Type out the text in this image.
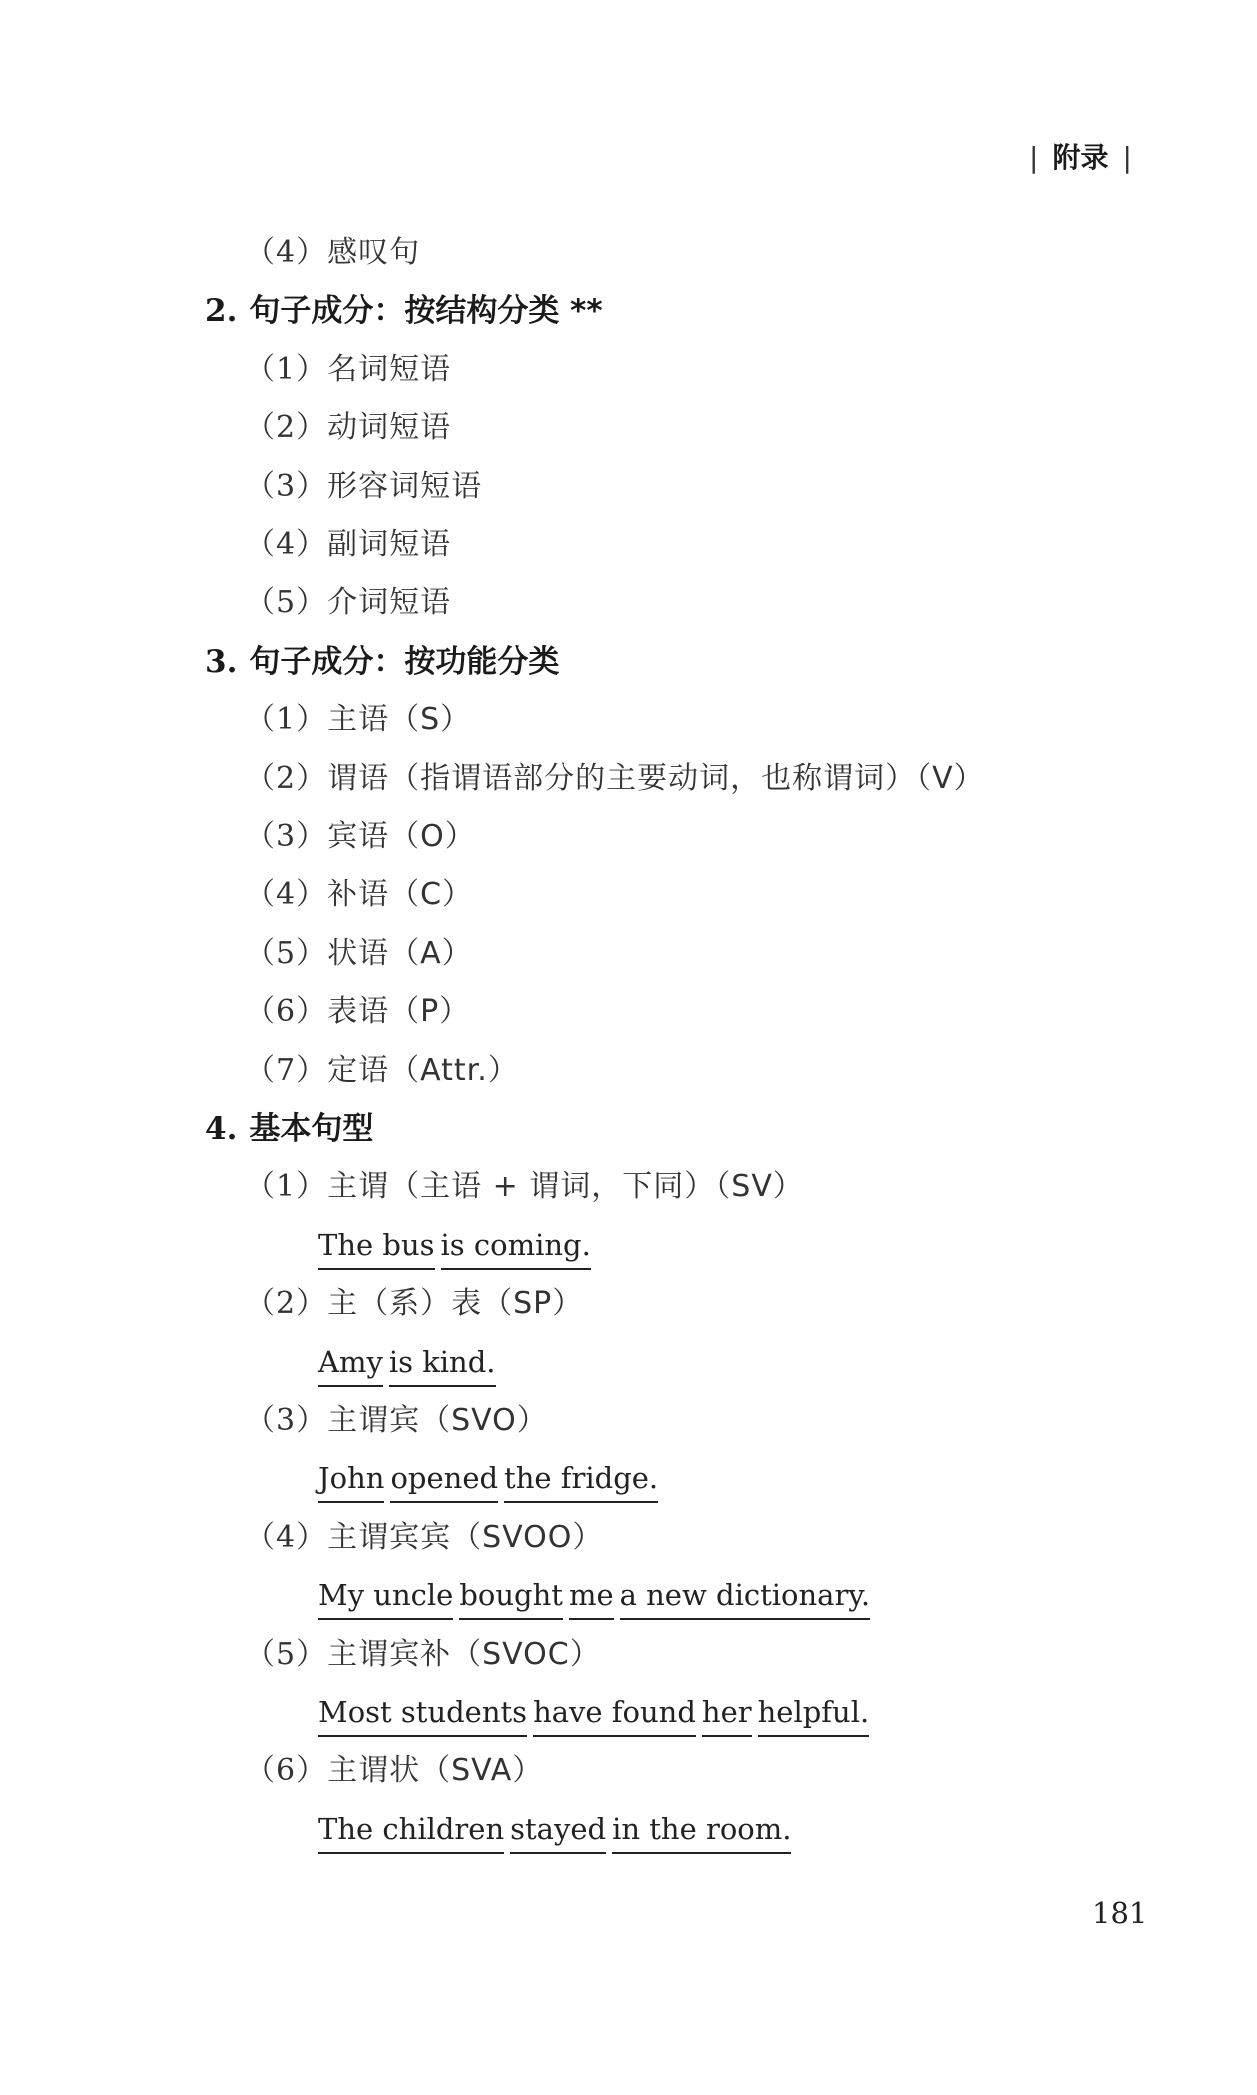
| 附录 |
（4）感叹句
2. 句子成分：按结构分类 **
（1）名词短语
（2）动词短语
（3）形容词短语
（4）副词短语
（5）介词短语
3. 句子成分：按功能分类
（1）主语（S）
（2）谓语（指谓语部分的主要动词，也称谓词）（V）
（3）宾语（O）
（4）补语（C）
（5）状语（A）
（6）表语（P）
（7）定语（Attr.）
4. 基本句型
（1）主谓（主语 + 谓词，下同）（SV）
The bus is coming.
（2）主（系）表（SP）
Amy is kind.
（3）主谓宾（SVO）
John opened the fridge.
（4）主谓宾宾（SVOO）
My uncle bought me a new dictionary.
（5）主谓宾补（SVOC）
Most students have found her helpful.
（6）主谓状（SVA）
The children stayed in the room.
181
